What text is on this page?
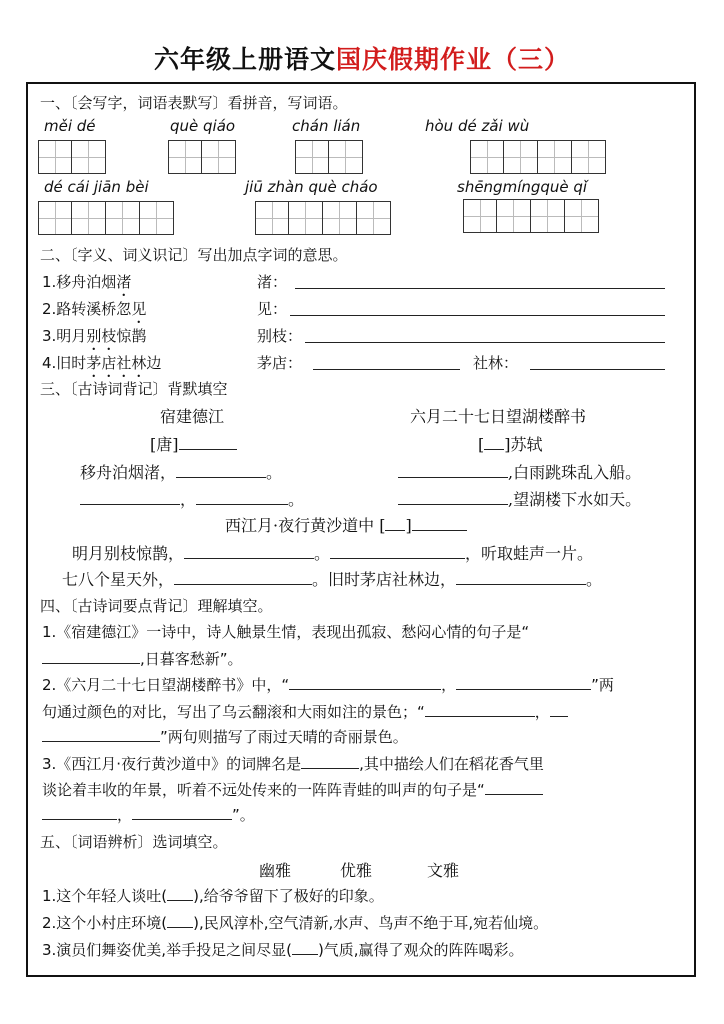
六年级上册语文国庆假期作业（三）
一、〔会写字，词语表默写〕看拼音，写词语。
měi dé	què qiáo	chán lián	hòu dé zǎi wù
dé cái jiān bèi	jiū zhàn què cháo	shēngmíngquè qǐ
二、〔字义、词义识记〕写出加点字词的意思。
1.移舟泊烟渚	渚：
2.路转溪桥忽见	见：
3.明月别枝惊鹊	别枝：
4.旧时茅店社林边	茅店：	社林：
三、〔古诗词背记〕背默填空
宿建德江	六月二十七日望湖楼醉书
[唐]	[ ]苏轼
移舟泊烟渚，	。	,白雨跳珠乱入船。
，	。	,望湖楼下水如天。
西江月·夜行黄沙道中 [ ]
明月别枝惊鹊，	。	，听取蛙声一片。
七八个星天外，	。旧时茅店社林边，	。
四、〔古诗词要点背记〕理解填空。
1.《宿建德江》一诗中，诗人触景生情，表现出孤寂、愁闷心情的句子是“
,日暮客愁新”。
2.《六月二十七日望湖楼醉书》中，“	，	”两
句通过颜色的对比，写出了乌云翻滚和大雨如注的景色；“	，
”两句则描写了雨过天晴的奇丽景色。
3.《西江月·夜行黄沙道中》的词牌名是	,其中描绘人们在稻花香气里
谈论着丰收的年景，听着不远处传来的一阵阵青蛙的叫声的句子是“
，	”。
五、〔词语辨析〕选词填空。
幽雅	优雅	文雅
1.这个年轻人谈吐( ),给爷爷留下了极好的印象。
2.这个小村庄环境( ),民风淳朴,空气清新,水声、鸟声不绝于耳,宛若仙境。
3.演员们舞姿优美,举手投足之间尽显( )气质,赢得了观众的阵阵喝彩。
